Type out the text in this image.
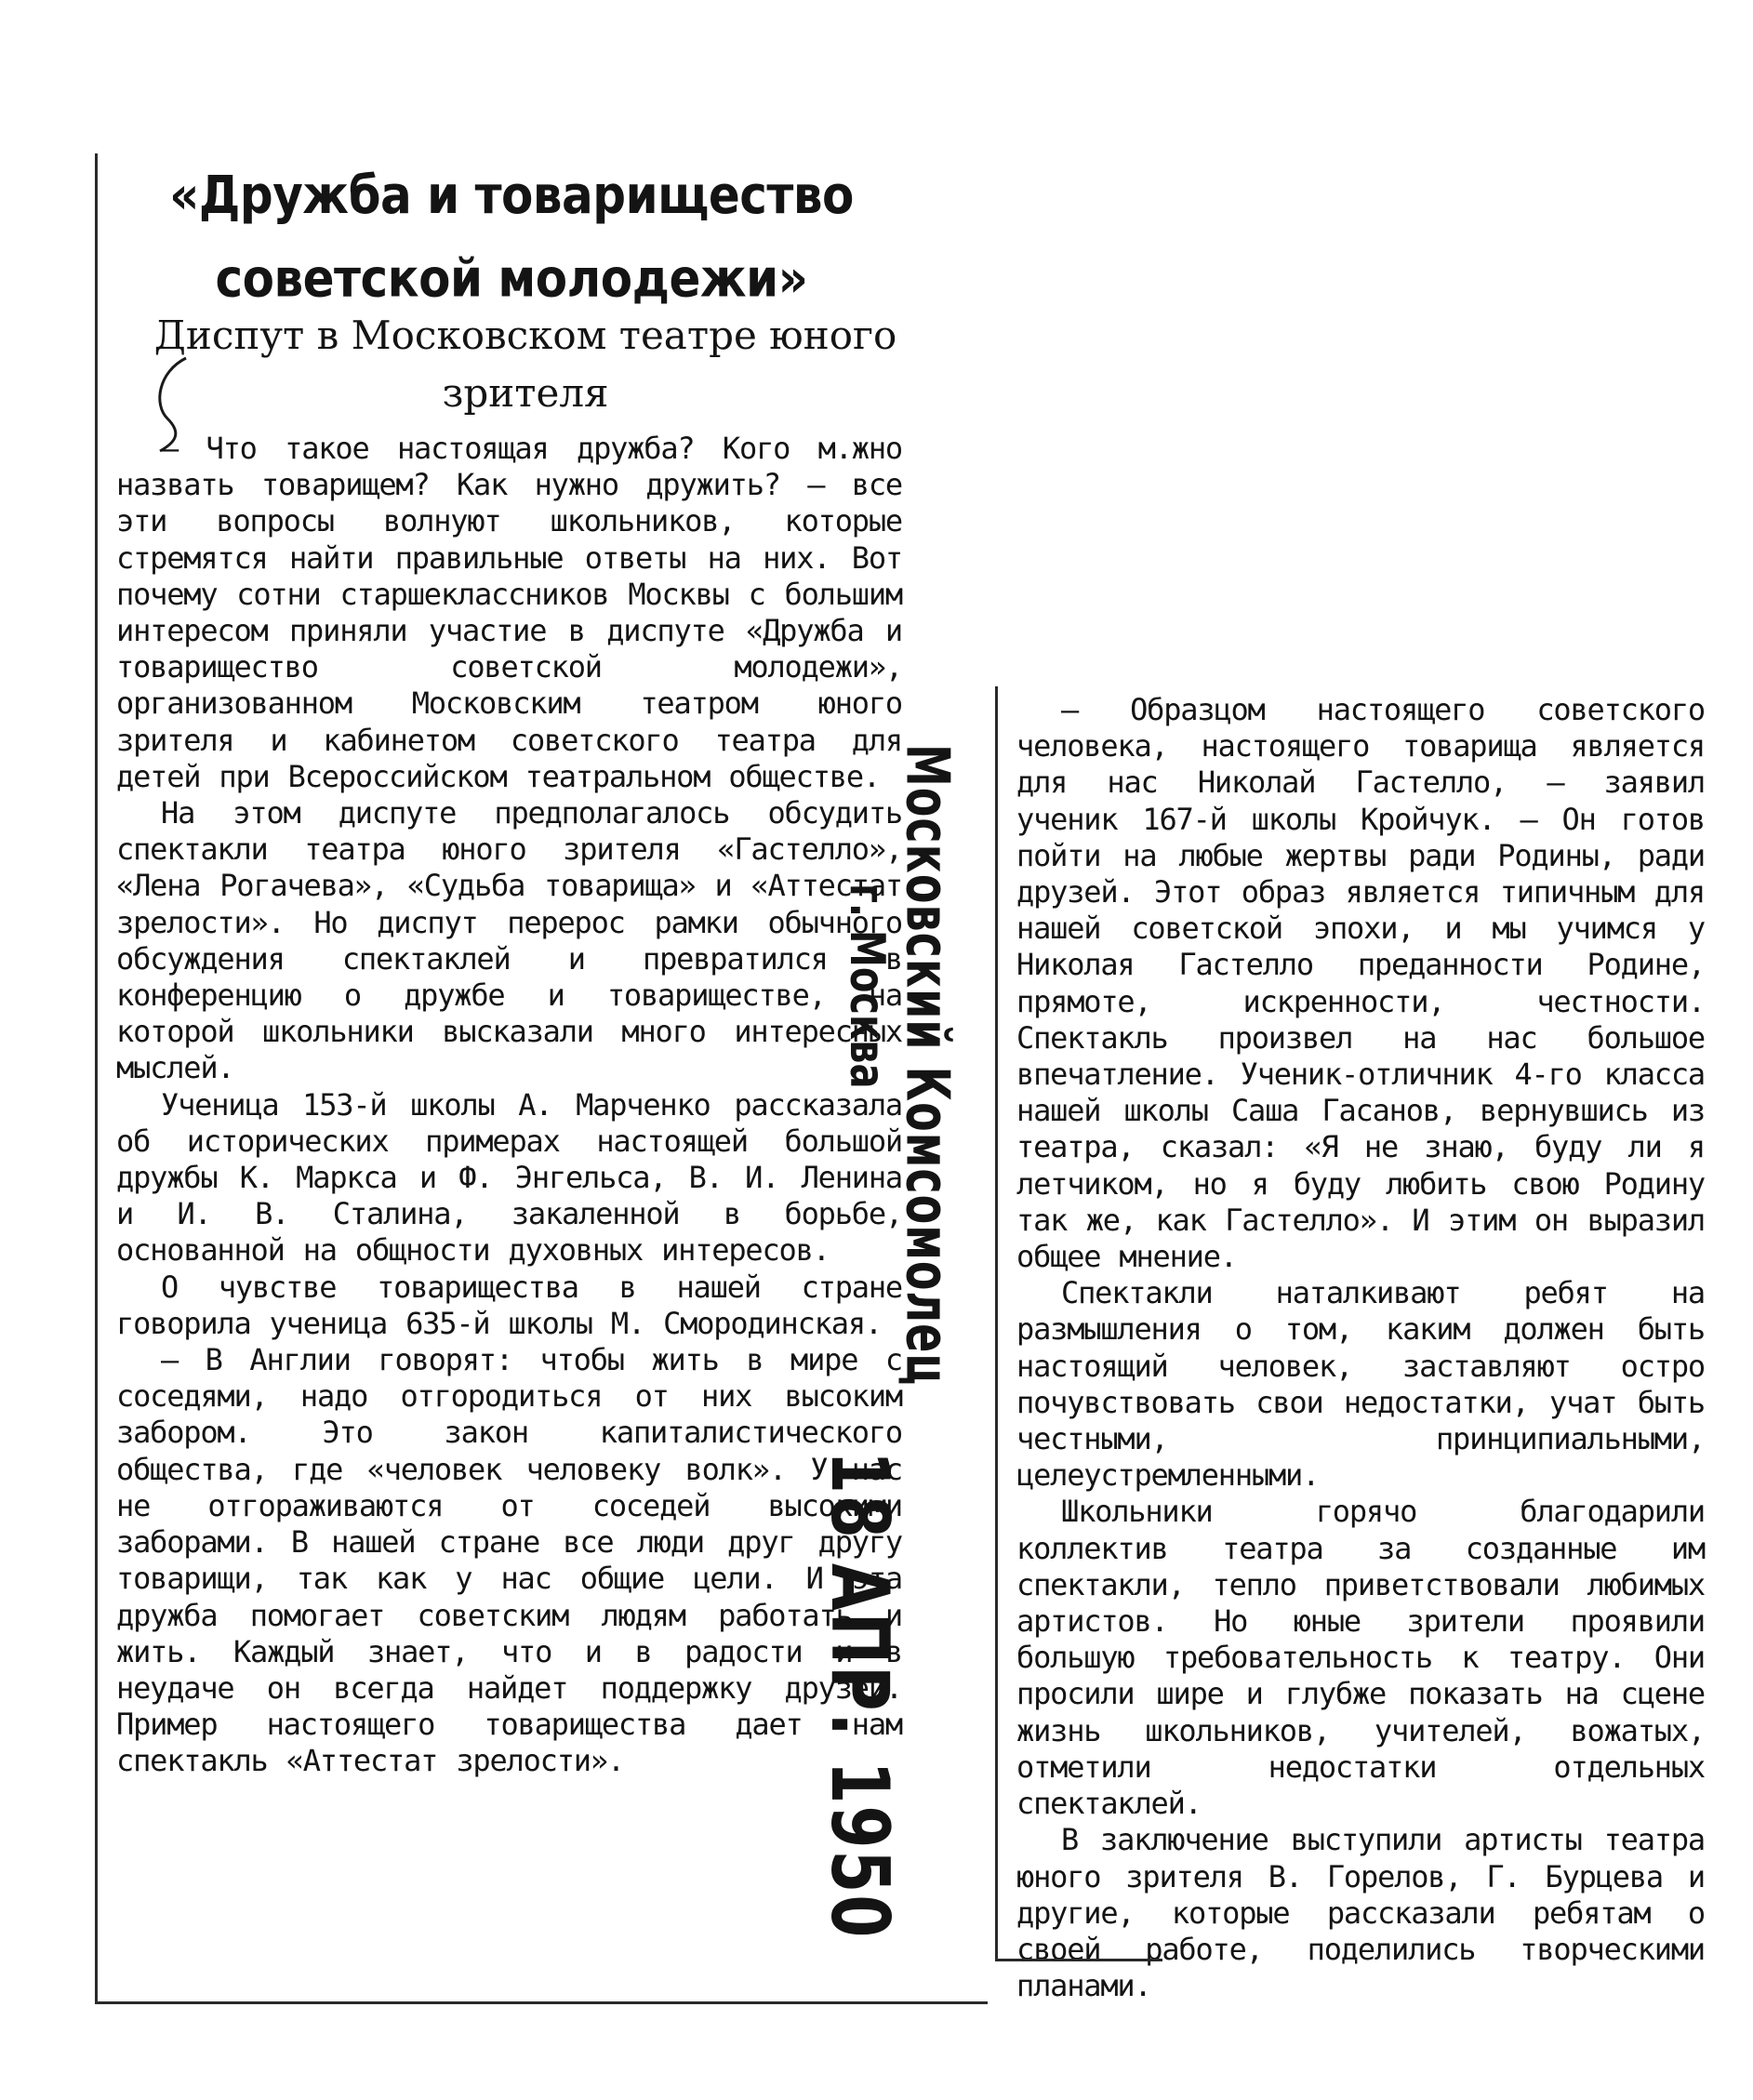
«Дружба и товарищество советской молодежи»
Диспут в Московском театре юного зрителя

— Что такое настоящая дружба? Кого м.жно назвать товарищем? Как нужно дружить? — все эти вопросы волнуют школьников, которые стремятся найти правильные ответы на них. Вот почему сотни старшеклассников Москвы с большим интересом приняли участие в диспуте «Дружба и товарищество советской молодежи», организованном Московским театром юного зрителя и кабинетом советского театра для детей при Всероссийском театральном обществе.

На этом диспуте предполагалось обсудить спектакли театра юного зрителя «Гастелло», «Лена Рогачева», «Судьба товарища» и «Аттестат зрелости». Но диспут перерос рамки обычного обсуждения спектаклей и превратился в конференцию о дружбе и товариществе, на которой школьники высказали много интересных мыслей.

Ученица 153-й школы А. Марченко рассказала об исторических примерах настоящей большой дружбы К. Маркса и Ф. Энгельса, В. И. Ленина и И. В. Сталина, закаленной в борьбе, основанной на общности духовных интересов.

О чувстве товарищества в нашей стране говорила ученица 635-й школы М. Смородинская.

— В Англии говорят: чтобы жить в мире с соседями, надо отгородиться от них высоким забором. Это закон капиталистического общества, где «человек человеку волк». У нас не отгораживаются от соседей высокими заборами. В нашей стране все люди друг другу товарищи, так как у нас общие цели. И эта дружба помогает советским людям работать и жить. Каждый знает, что и в радости и в неудаче он всегда найдет поддержку друзей. Пример настоящего товарищества дает нам спектакль «Аттестат зрелости».

Московский Комсомолец
г. Москва
18 АПР. 1950

— Образцом настоящего советского человека, настоящего товарища является для нас Николай Гастелло, — заявил ученик 167-й школы Кройчук. — Он готов пойти на любые жертвы ради Родины, ради друзей. Этот образ является типичным для нашей советской эпохи, и мы учимся у Николая Гастелло преданности Родине, прямоте, искренности, честности. Спектакль произвел на нас большое впечатление. Ученик-отличник 4-го класса нашей школы Саша Гасанов, вернувшись из театра, сказал: «Я не знаю, буду ли я летчиком, но я буду любить свою Родину так же, как Гастелло». И этим он выразил общее мнение.

Спектакли наталкивают ребят на размышления о том, каким должен быть настоящий человек, заставляют остро почувствовать свои недостатки, учат быть честными, принципиальными, целеустремленными.

Школьники горячо благодарили коллектив театра за созданные им спектакли, тепло приветствовали любимых артистов. Но юные зрители проявили большую требовательность к театру. Они просили шире и глубже показать на сцене жизнь школьников, учителей, вожатых, отметили недостатки отдельных спектаклей.

В заключение выступили артисты театра юного зрителя В. Горелов, Г. Бурцева и другие, которые рассказали ребятам о своей работе, поделились творческими планами.
